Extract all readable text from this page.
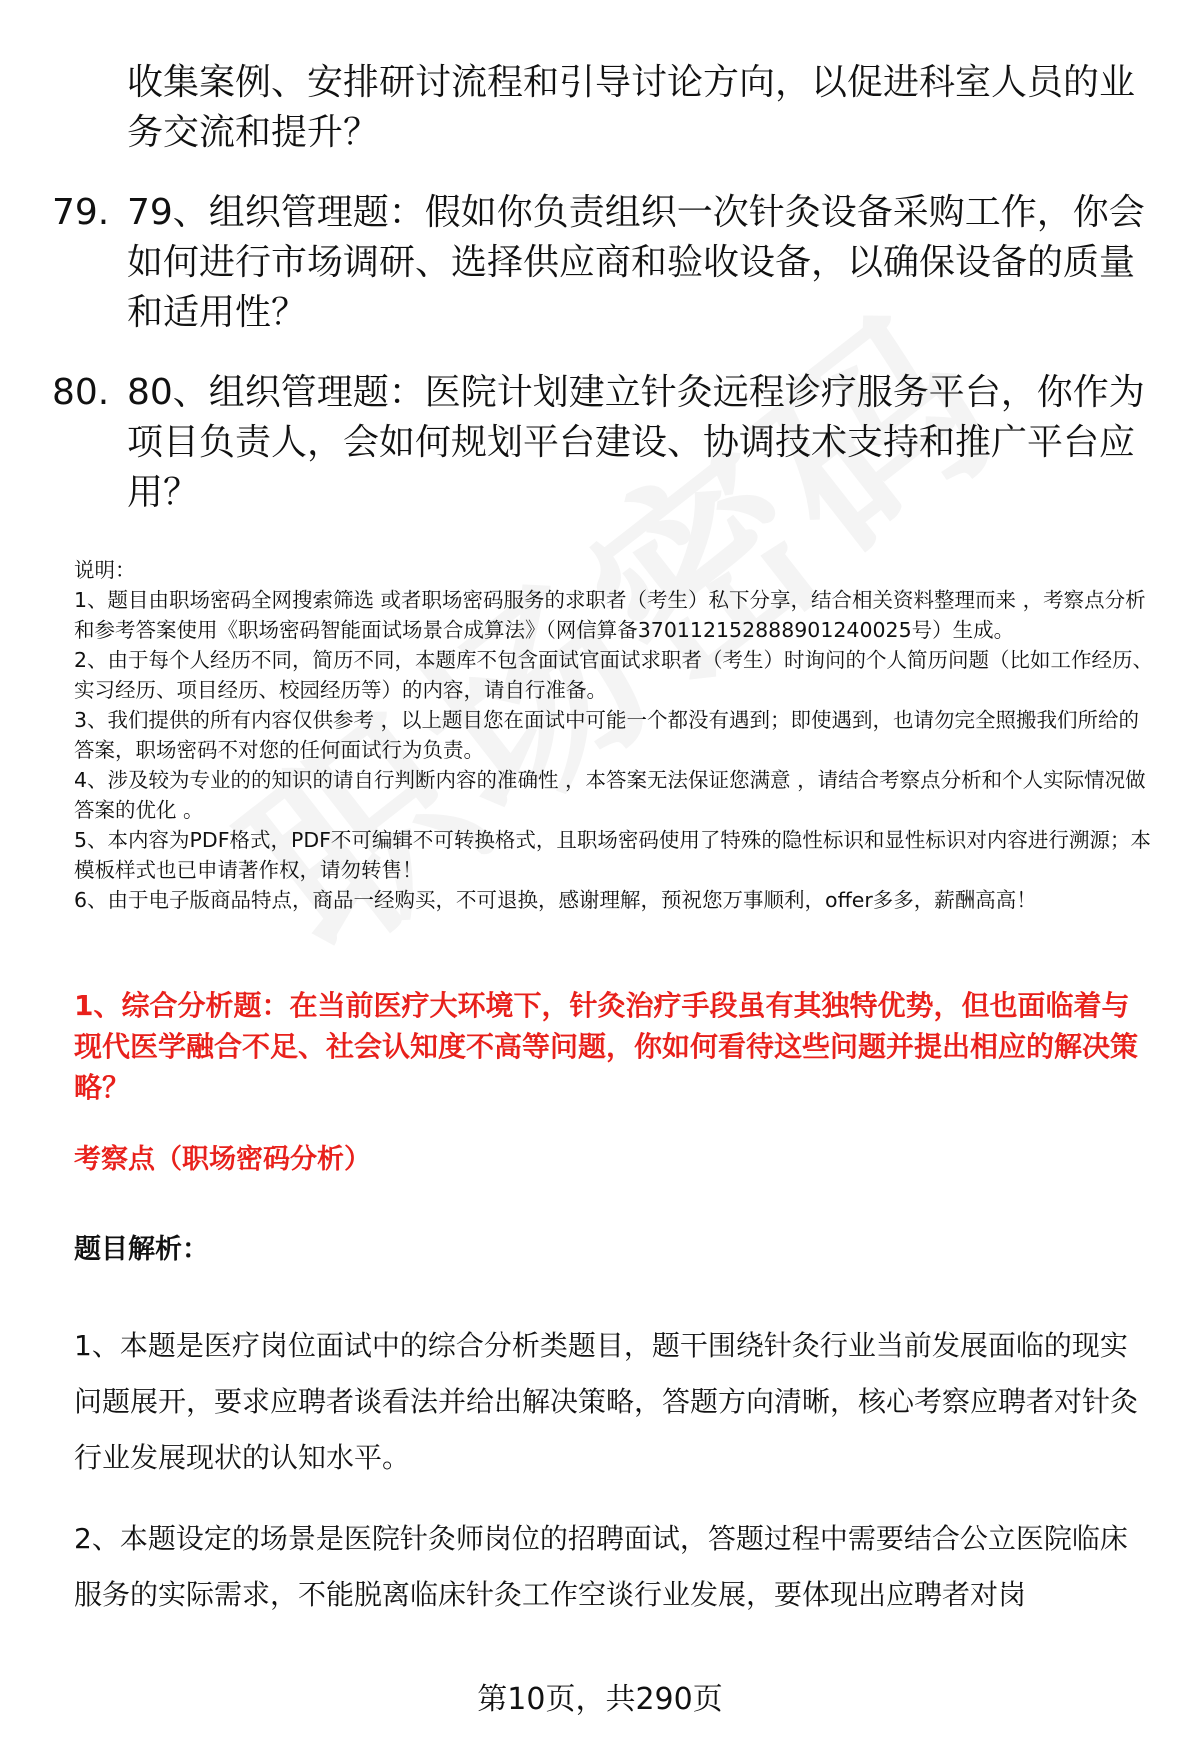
收集案例、安排研讨流程和引导讨论方向，以促进科室人员的业务交流和提升？
79. 79、组织管理题：假如你负责组织一次针灸设备采购工作，你会如何进行市场调研、选择供应商和验收设备，以确保设备的质量和适用性？
80. 80、组织管理题：医院计划建立针灸远程诊疗服务平台，你作为项目负责人，会如何规划平台建设、协调技术支持和推广平台应用？

说明：

1、题目由职场密码全网搜索筛选 或者职场密码服务的求职者（考生）私下分享，结合相关资料整理而来 ，考察点分析和参考答案使用《职场密码智能面试场景合成算法》（网信算备370112152888901240025号）生成。

2、由于每个人经历不同，简历不同，本题库不包含面试官面试求职者（考生）时询问的个人简历问题（比如工作经历、实习经历、项目经历、校园经历等）的内容，请自行准备。

3、我们提供的所有内容仅供参考 ，以上题目您在面试中可能一个都没有遇到；即使遇到，也请勿完全照搬我们所给的答案，职场密码不对您的任何面试行为负责。

4、涉及较为专业的的知识的请自行判断内容的准确性 ，本答案无法保证您满意 ，请结合考察点分析和个人实际情况做答案的优化 。

5、本内容为PDF格式，PDF不可编辑不可转换格式，且职场密码使用了特殊的隐性标识和显性标识对内容进行溯源；本模板样式也已申请著作权，请勿转售！

6、由于电子版商品特点，商品一经购买，不可退换，感谢理解，预祝您万事顺利，offer多多，薪酬高高！

1、综合分析题：在当前医疗大环境下，针灸治疗手段虽有其独特优势，但也面临着与现代医学融合不足、社会认知度不高等问题，你如何看待这些问题并提出相应的解决策略？
考察点（职场密码分析）
题目解析：

1、本题是医疗岗位面试中的综合分析类题目，题干围绕针灸行业当前发展面临的现实问题展开，要求应聘者谈看法并给出解决策略，答题方向清晰，核心考察应聘者对针灸行业发展现状的认知水平。

2、本题设定的场景是医院针灸师岗位的招聘面试，答题过程中需要结合公立医院临床服务的实际需求，不能脱离临床针灸工作空谈行业发展，要体现出应聘者对岗

第10页，共290页
